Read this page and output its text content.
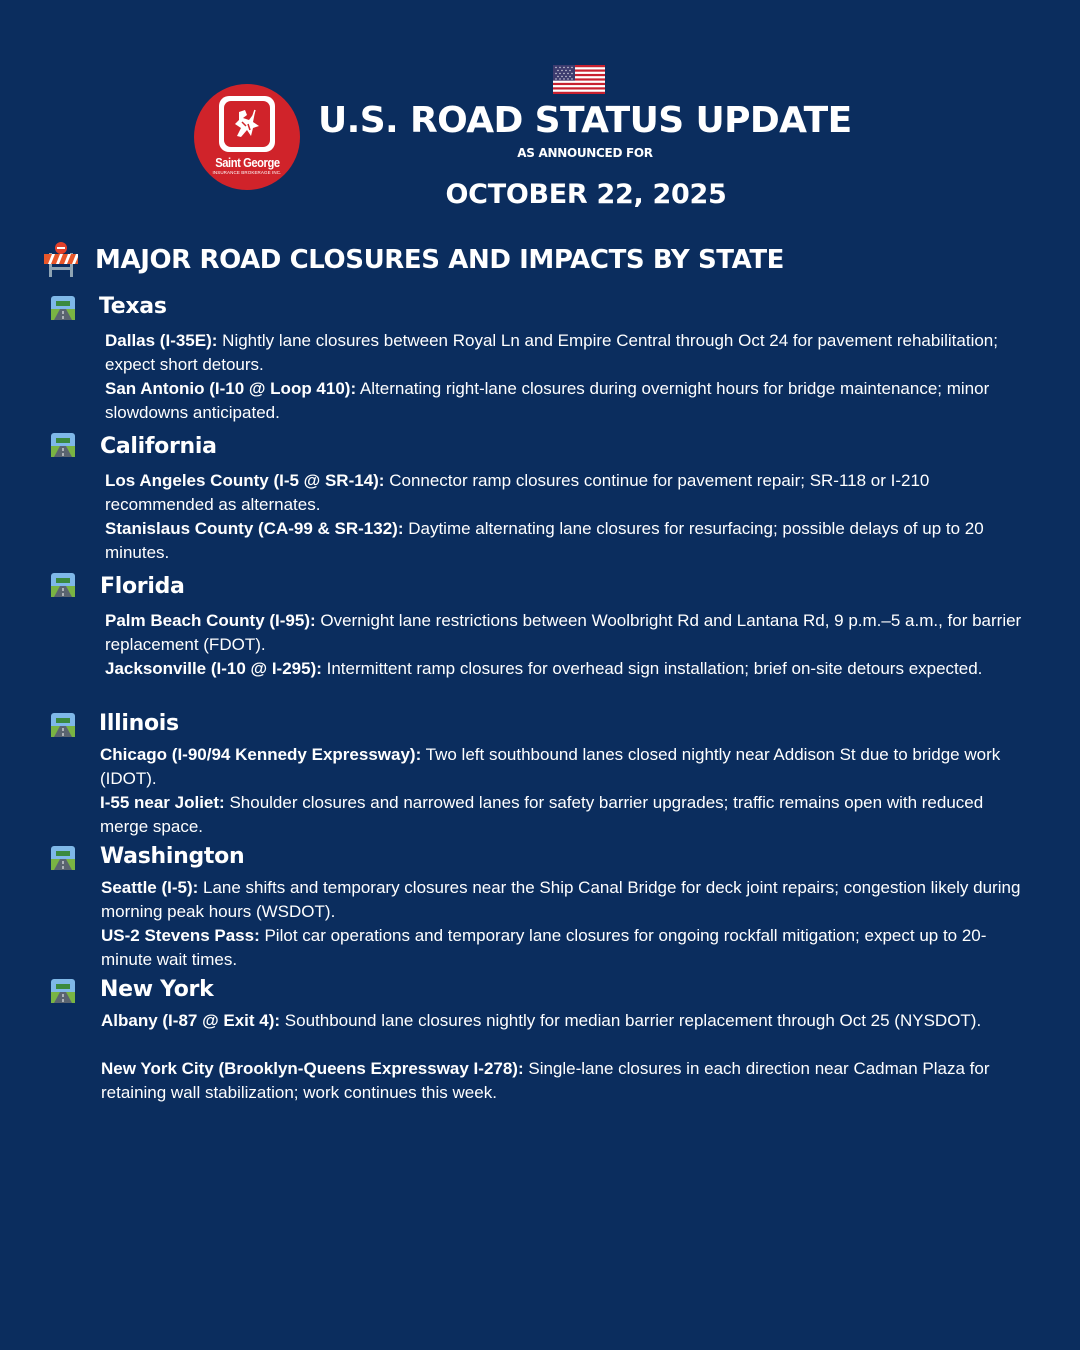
Saint George
INSURANCE BROKERAGE INC.
U.S. ROAD STATUS UPDATE
AS ANNOUNCED FOR
OCTOBER 22, 2025
MAJOR ROAD CLOSURES AND IMPACTS BY STATE
Texas
Dallas (I-35E): Nightly lane closures between Royal Ln and Empire Central through Oct 24 for pavement rehabilitation; expect short detours.
San Antonio (I-10 @ Loop 410): Alternating right-lane closures during overnight hours for bridge maintenance; minor slowdowns anticipated.
California
Los Angeles County (I-5 @ SR-14): Connector ramp closures continue for pavement repair; SR-118 or I-210 recommended as alternates.
Stanislaus County (CA-99 & SR-132): Daytime alternating lane closures for resurfacing; possible delays of up to 20 minutes.
Florida
Palm Beach County (I-95): Overnight lane restrictions between Woolbright Rd and Lantana Rd, 9 p.m.–5 a.m., for barrier replacement (FDOT).
Jacksonville (I-10 @ I-295): Intermittent ramp closures for overhead sign installation; brief on-site detours expected.
Illinois
Chicago (I-90/94 Kennedy Expressway): Two left southbound lanes closed nightly near Addison St due to bridge work (IDOT).
I-55 near Joliet: Shoulder closures and narrowed lanes for safety barrier upgrades; traffic remains open with reduced merge space.
Washington
Seattle (I-5): Lane shifts and temporary closures near the Ship Canal Bridge for deck joint repairs; congestion likely during morning peak hours (WSDOT).
US-2 Stevens Pass: Pilot car operations and temporary lane closures for ongoing rockfall mitigation; expect up to 20-minute wait times.
New York
Albany (I-87 @ Exit 4): Southbound lane closures nightly for median barrier replacement through Oct 25 (NYSDOT).
New York City (Brooklyn-Queens Expressway I-278): Single-lane closures in each direction near Cadman Plaza for retaining wall stabilization; work continues this week.
